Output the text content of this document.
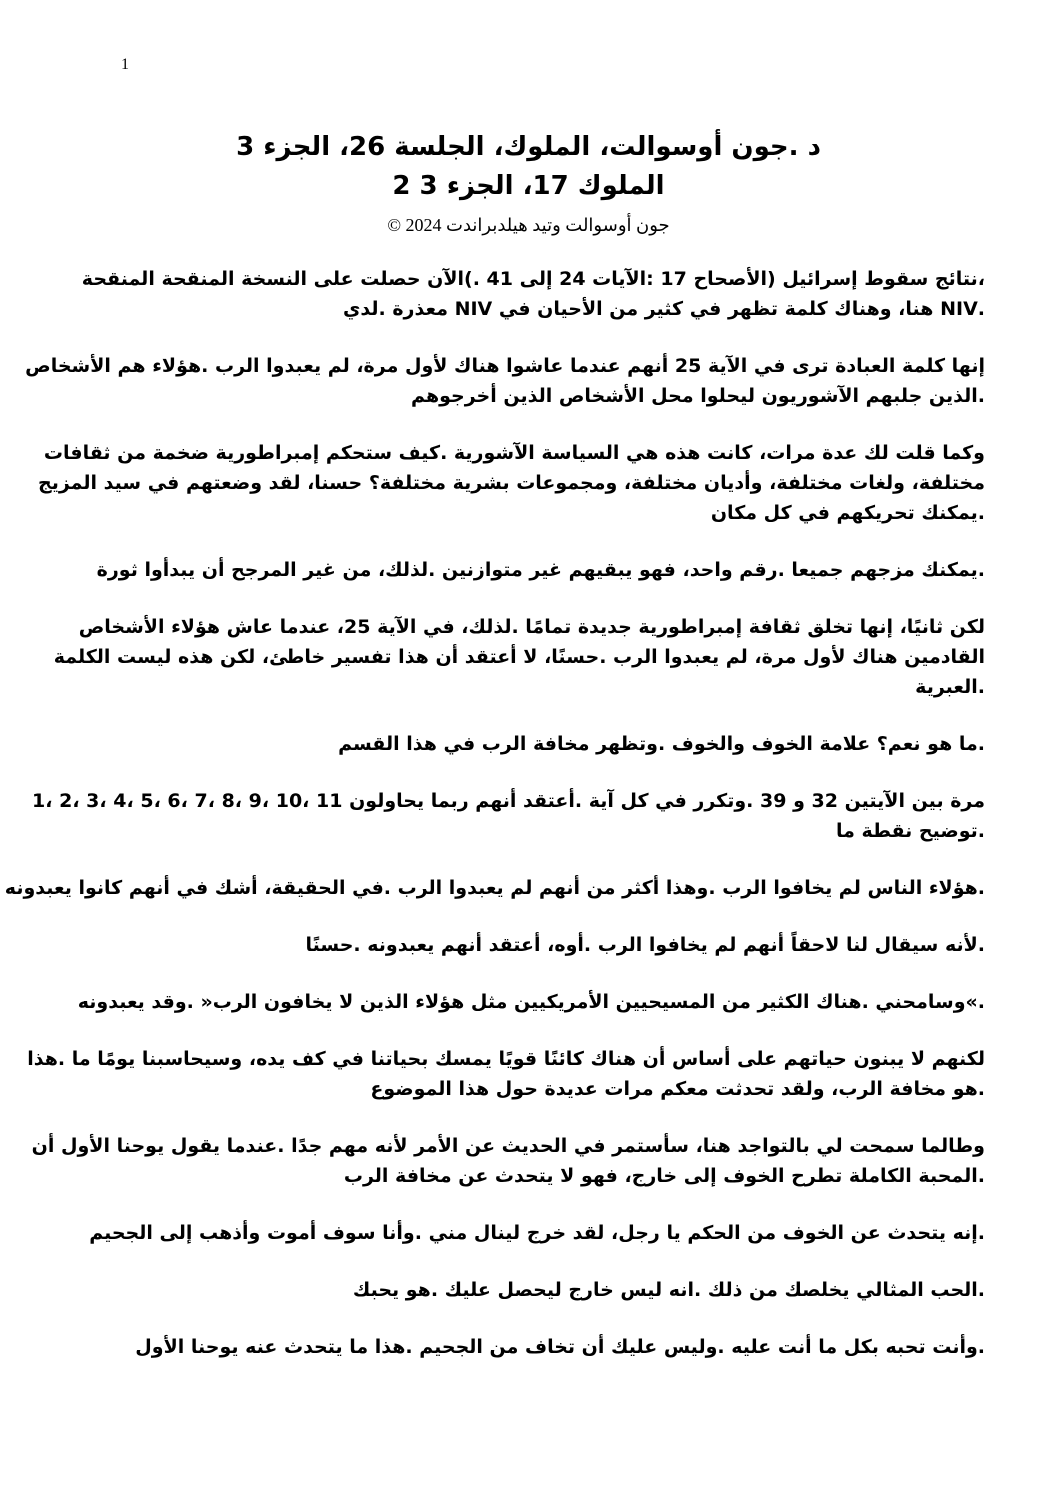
1
د .جون أوسوالت، الملوك، الجلسة 26، الجزء 3
الملوك 17، الجزء 3 2
جون أوسوالت وتيد هيلدبراندت 2024 ©
،نتائج سقوط إسرائيل (الأصحاح 17 :الآيات 24 إلى 41 .)الآن حصلت على النسخة المنقحة المنقحة
.NIV هنا، وهناك كلمة تظهر في كثير من الأحيان في NIV معذرة .لدي
إنها كلمة العبادة ترى في الآية 25 أنهم عندما عاشوا هناك لأول مرة، لم يعبدوا الرب .هؤلاء هم الأشخاص
.الذين جلبهم الآشوريون ليحلوا محل الأشخاص الذين أخرجوهم
وكما قلت لك عدة مرات، كانت هذه هي السياسة الآشورية .كيف ستحكم إمبراطورية ضخمة من ثقافات
مختلفة، ولغات مختلفة، وأديان مختلفة، ومجموعات بشرية مختلفة؟ حسنا، لقد وضعتهم في سيد المزيج
.يمكنك تحريكهم في كل مكان
.يمكنك مزجهم جميعا .رقم واحد، فهو يبقيهم غير متوازنين .لذلك، من غير المرجح أن يبدأوا ثورة
لكن ثانيًا، إنها تخلق ثقافة إمبراطورية جديدة تمامًا .لذلك، في الآية 25، عندما عاش هؤلاء الأشخاص
القادمين هناك لأول مرة، لم يعبدوا الرب .حسنًا، لا أعتقد أن هذا تفسير خاطئ، لكن هذه ليست الكلمة
.العبرية
.ما هو نعم؟ علامة الخوف والخوف .وتظهر مخافة الرب في هذا القسم
مرة بين الآيتين 32 و 39 .وتكرر في كل آية .أعتقد أنهم ربما يحاولون 11 ،10 ،9 ،8 ،7 ،6 ،5 ،4 ،3 ،2 ،1
.توضيح نقطة ما
.هؤلاء الناس لم يخافوا الرب .وهذا أكثر من أنهم لم يعبدوا الرب .في الحقيقة، أشك في أنهم كانوا يعبدونه
.لأنه سيقال لنا لاحقاً أنهم لم يخافوا الرب .أوه، أعتقد أنهم يعبدونه .حسنًا
.»وسامحني .هناك الكثير من المسيحيين الأمريكيين مثل هؤلاء الذين لا يخافون الرب« .وقد يعبدونه
لكنهم لا يبنون حياتهم على أساس أن هناك كائنًا قويًا يمسك بحياتنا في كف يده، وسيحاسبنا يومًا ما .هذا
.هو مخافة الرب، ولقد تحدثت معكم مرات عديدة حول هذا الموضوع
وطالما سمحت لي بالتواجد هنا، سأستمر في الحديث عن الأمر لأنه مهم جدًا .عندما يقول يوحنا الأول أن
.المحبة الكاملة تطرح الخوف إلى خارج، فهو لا يتحدث عن مخافة الرب
.إنه يتحدث عن الخوف من الحكم يا رجل، لقد خرج لينال مني .وأنا سوف أموت وأذهب إلى الجحيم
.الحب المثالي يخلصك من ذلك .انه ليس خارج ليحصل عليك .هو يحبك
.وأنت تحبه بكل ما أنت عليه .وليس عليك أن تخاف من الجحيم .هذا ما يتحدث عنه يوحنا الأول
